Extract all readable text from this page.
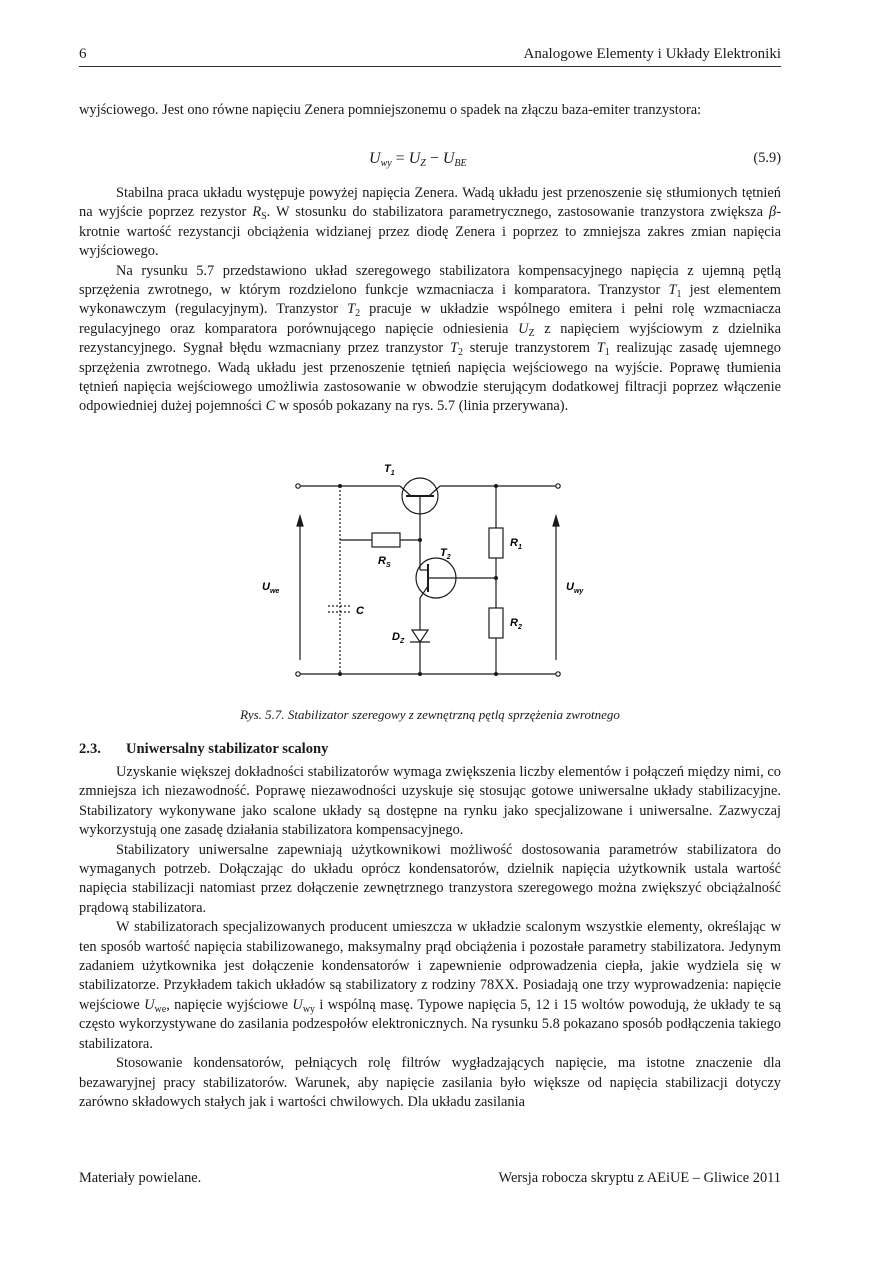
6	Analogowe Elementy i Układy Elektroniki

wyjściowego. Jest ono równe napięciu Zenera pomniejszonemu o spadek na złączu baza-emiter tranzystora:

$U_{wy} = U_Z - U_{BE}$	(5.9)

Stabilna praca układu występuje powyżej napięcia Zenera. Wadą układu jest przenoszenie się stłumionych tętnień na wyjście poprzez rezystor $R_S$. W stosunku do stabilizatora parametrycznego, zastosowanie tranzystora zwiększa β-krotnie wartość rezystancji obciążenia widzianej przez diodę Zenera i poprzez to zmniejsza zakres zmian napięcia wyjściowego.

Na rysunku 5.7 przedstawiono układ szeregowego stabilizatora kompensacyjnego napięcia z ujemną pętlą sprzężenia zwrotnego, w którym rozdzielono funkcje wzmacniacza i komparatora. Tranzystor $T_1$ jest elementem wykonawczym (regulacyjnym). Tranzystor $T_2$ pracuje w układzie wspólnego emitera i pełni rolę wzmacniacza regulacyjnego oraz komparatora porównującego napięcie odniesienia $U_Z$ z napięciem wyjściowym z dzielnika rezystancyjnego. Sygnał błędu wzmacniany przez tranzystor $T_2$ steruje tranzystorem $T_1$ realizując zasadę ujemnego sprzężenia zwrotnego. Wadą układu jest przenoszenie tętnień napięcia wejściowego na wyjście. Poprawę tłumienia tętnień napięcia wejściowego umożliwia zastosowanie w obwodzie sterującym dodatkowej filtracji poprzez włączenie odpowiedniej dużej pojemności C w sposób pokazany na rys. 5.7 (linia przerywana).

$T_1$
$T_2$
$R_S$
$R_1$
$R_2$
$D_Z$
C
$U_{we}$	$U_{wy}$
Rys. 5.7. Stabilizator szeregowy z zewnętrzną pętlą sprzężenia zwrotnego
2.3. Uniwersalny stabilizator scalony

Uzyskanie większej dokładności stabilizatorów wymaga zwiększenia liczby elementów i połączeń między nimi, co zmniejsza ich niezawodność. Poprawę niezawodności uzyskuje się stosując gotowe uniwersalne układy stabilizacyjne. Stabilizatory wykonywane jako scalone układy są dostępne na rynku jako specjalizowane i uniwersalne. Zazwyczaj wykorzystują one zasadę działania stabilizatora kompensacyjnego.

Stabilizatory uniwersalne zapewniają użytkownikowi możliwość dostosowania parametrów stabilizatora do wymaganych potrzeb. Dołączając do układu oprócz kondensatorów, dzielnik napięcia użytkownik ustala wartość napięcia stabilizacji natomiast przez dołączenie zewnętrznego tranzystora szeregowego można zwiększyć obciążalność prądową stabilizatora.

W stabilizatorach specjalizowanych producent umieszcza w układzie scalonym wszystkie elementy, określając w ten sposób wartość napięcia stabilizowanego, maksymalny prąd obciążenia i pozostałe parametry stabilizatora. Jedynym zadaniem użytkownika jest dołączenie kondensatorów i zapewnienie odprowadzenia ciepła, jakie wydziela się w stabilizatorze. Przykładem takich układów są stabilizatory z rodziny 78XX. Posiadają one trzy wyprowadzenia: napięcie wejściowe $U_{we}$, napięcie wyjściowe $U_{wy}$ i wspólną masę. Typowe napięcia 5, 12 i 15 woltów powodują, że układy te są często wykorzystywane do zasilania podzespołów elektronicznych. Na rysunku 5.8 pokazano sposób podłączenia takiego stabilizatora.

Stosowanie kondensatorów, pełniących rolę filtrów wygładzających napięcie, ma istotne znaczenie dla bezawaryjnej pracy stabilizatorów. Warunek, aby napięcie zasilania było większe od napięcia stabilizacji dotyczy zarówno składowych stałych jak i wartości chwilowych. Dla układu zasilania

Materiały powielane.	Wersja robocza skryptu z AEiUE – Gliwice 2011
